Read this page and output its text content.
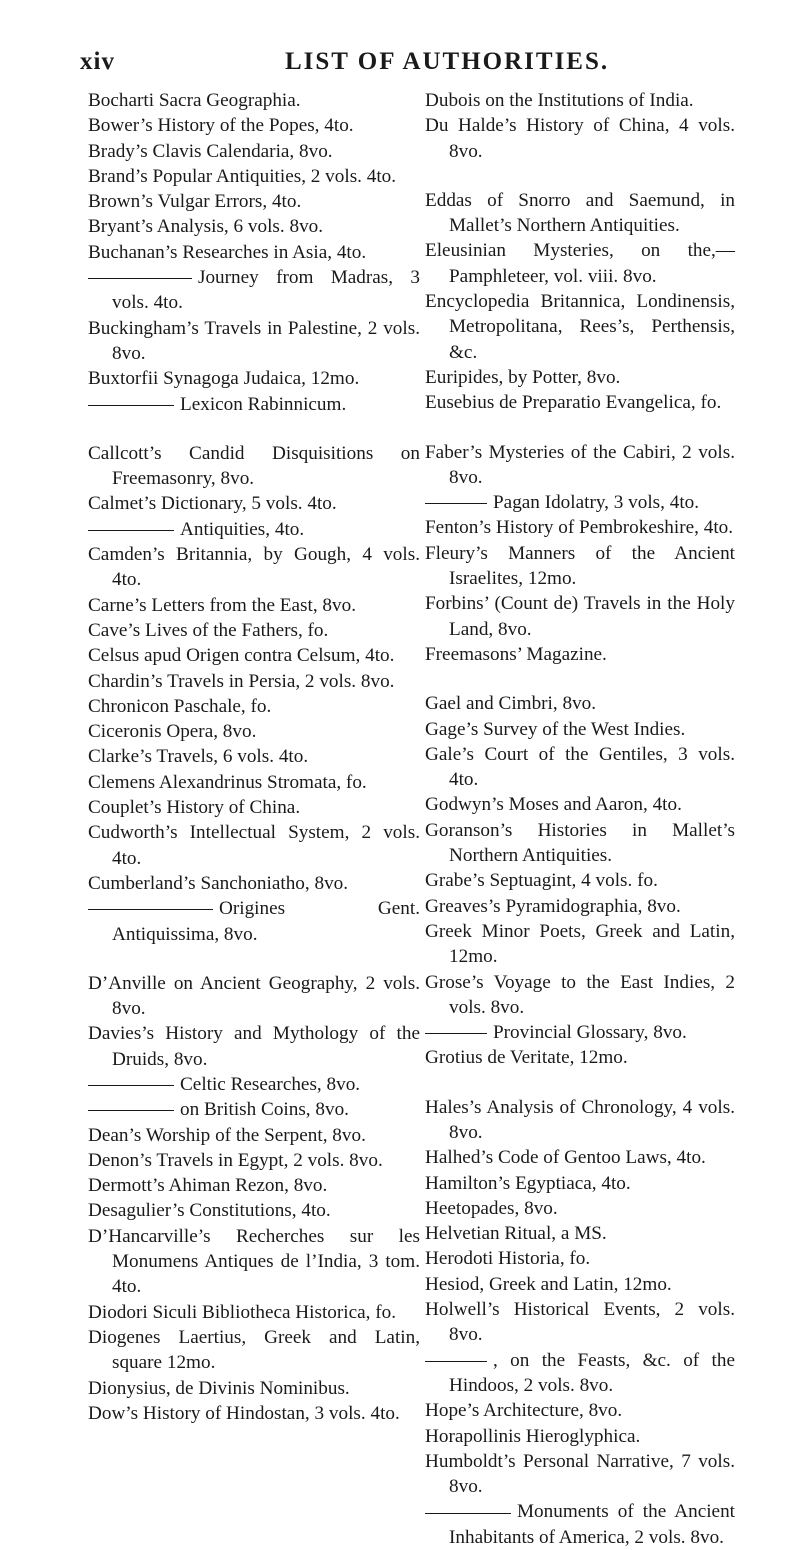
xiv	LIST OF AUTHORITIES.

Bocharti Sacra Geographia.

Bower’s History of the Popes, 4to.

Brady’s Clavis Calendaria, 8vo.

Brand’s Popular Antiquities, 2 vols. 4to.

Brown’s Vulgar Errors, 4to.

Bryant’s Analysis, 6 vols. 8vo.

Buchanan’s Researches in Asia, 4to.

Journey from Madras, 3 vols. 4to.

Buckingham’s Travels in Palestine, 2 vols. 8vo.

Buxtorfii Synagoga Judaica, 12mo.

Lexicon Rabinnicum.

Callcott’s Candid Disquisitions on Freemasonry, 8vo.

Calmet’s Dictionary, 5 vols. 4to.

Antiquities, 4to.

Camden’s Britannia, by Gough, 4 vols. 4to.

Carne’s Letters from the East, 8vo.

Cave’s Lives of the Fathers, fo.

Celsus apud Origen contra Celsum, 4to.

Chardin’s Travels in Persia, 2 vols. 8vo.

Chronicon Paschale, fo.

Ciceronis Opera, 8vo.

Clarke’s Travels, 6 vols. 4to.

Clemens Alexandrinus Stromata, fo.

Couplet’s History of China.

Cudworth’s Intellectual System, 2 vols. 4to.

Cumberland’s Sanchoniatho, 8vo.

Origines Gent. Antiquissima, 8vo.

D’Anville on Ancient Geography, 2 vols. 8vo.

Davies’s History and Mythology of the Druids, 8vo.

Celtic Researches, 8vo.

on British Coins, 8vo.

Dean’s Worship of the Serpent, 8vo.

Denon’s Travels in Egypt, 2 vols. 8vo.

Dermott’s Ahiman Rezon, 8vo.

Desagulier’s Constitutions, 4to.

D’Hancarville’s Recherches sur les Monumens Antiques de l’India, 3 tom. 4to.

Diodori Siculi Bibliotheca Historica, fo.

Diogenes Laertius, Greek and Latin, square 12mo.

Dionysius, de Divinis Nominibus.

Dow’s History of Hindostan, 3 vols. 4to.

Dubois on the Institutions of India.

Du Halde’s History of China, 4 vols. 8vo.

Eddas of Snorro and Saemund, in Mallet’s Northern Antiquities.

Eleusinian Mysteries, on the,—Pamphleteer, vol. viii. 8vo.

Encyclopedia Britannica, Londinensis, Metropolitana, Rees’s, Perthensis, &c.

Euripides, by Potter, 8vo.

Eusebius de Preparatio Evangelica, fo.

Faber’s Mysteries of the Cabiri, 2 vols. 8vo.

Pagan Idolatry, 3 vols, 4to.

Fenton’s History of Pembrokeshire, 4to.

Fleury’s Manners of the Ancient Israelites, 12mo.

Forbins’ (Count de) Travels in the Holy Land, 8vo.

Freemasons’ Magazine.

Gael and Cimbri, 8vo.

Gage’s Survey of the West Indies.

Gale’s Court of the Gentiles, 3 vols. 4to.

Godwyn’s Moses and Aaron, 4to.

Goranson’s Histories in Mallet’s Northern Antiquities.

Grabe’s Septuagint, 4 vols. fo.

Greaves’s Pyramidographia, 8vo.

Greek Minor Poets, Greek and Latin, 12mo.

Grose’s Voyage to the East Indies, 2 vols. 8vo.

Provincial Glossary, 8vo.

Grotius de Veritate, 12mo.

Hales’s Analysis of Chronology, 4 vols. 8vo.

Halhed’s Code of Gentoo Laws, 4to.

Hamilton’s Egyptiaca, 4to.

Heetopades, 8vo.

Helvetian Ritual, a MS.

Herodoti Historia, fo.

Hesiod, Greek and Latin, 12mo.

Holwell’s Historical Events, 2 vols. 8vo.

, on the Feasts, &c. of the Hindoos, 2 vols. 8vo.

Hope’s Architecture, 8vo.

Horapollinis Hieroglyphica.

Humboldt’s Personal Narrative, 7 vols. 8vo.

Monuments of the Ancient Inhabitants of America, 2 vols. 8vo.
